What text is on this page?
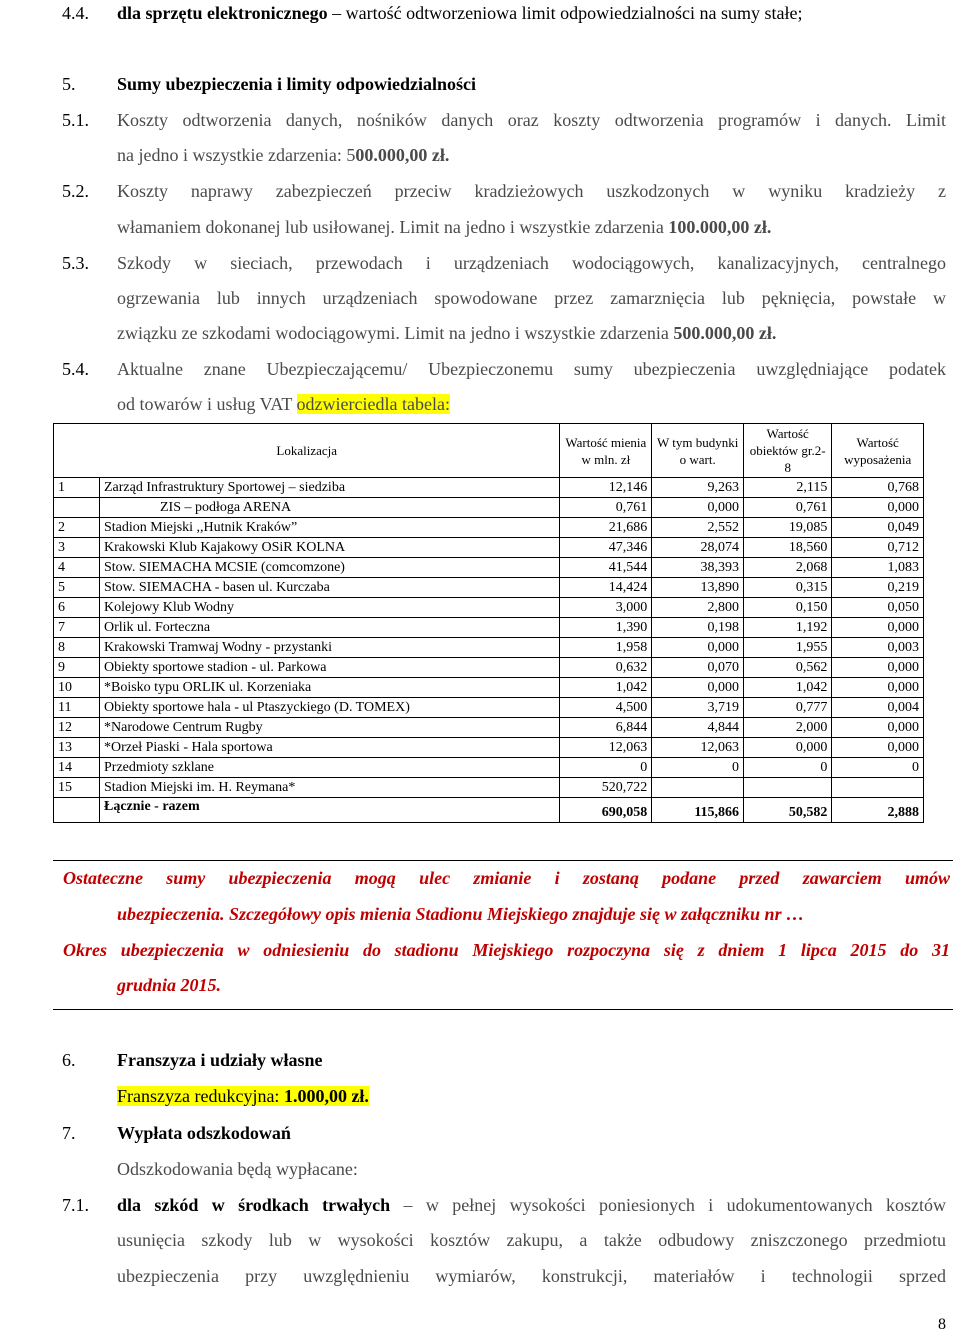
4.4. dla sprzętu elektronicznego – wartość odtworzeniowa limit odpowiedzialności na sumy stałe;
5. Sumy ubezpieczenia i limity odpowiedzialności
5.1. Koszty odtworzenia danych, nośników danych oraz koszty odtworzenia programów i danych. Limit
na jedno i wszystkie zdarzenia: 500.000,00 zł.
5.2. Koszty naprawy zabezpieczeń przeciw kradzieżowych uszkodzonych w wyniku kradzieży z
włamaniem dokonanej lub usiłowanej. Limit na jedno i wszystkie zdarzenia 100.000,00 zł.
5.3. Szkody w sieciach, przewodach i urządzeniach wodociągowych, kanalizacyjnych, centralnego
ogrzewania lub innych urządzeniach spowodowane przez zamarznięcia lub pęknięcia, powstałe w
związku ze szkodami wodociągowymi. Limit na jedno i wszystkie zdarzenia 500.000,00 zł.
5.4. Aktualne znane Ubezpieczającemu/ Ubezpieczonemu sumy ubezpieczenia uwzględniające podatek
od towarów i usług VAT odzwierciedla tabela:
Lokalizacja		Wartość mienia w mln. zł	W tym budynki o wart.	Wartość obiektów gr.2-8	Wartość wyposażenia
1	Zarząd Infrastruktury Sportowej – siedziba	12,146	9,263	2,115	0,768
	ZIS – podłoga ARENA	0,761	0,000	0,761	0,000
2	Stadion Miejski ,,Hutnik Kraków”	21,686	2,552	19,085	0,049
3	Krakowski Klub Kajakowy OSiR KOLNA	47,346	28,074	18,560	0,712
4	Stow. SIEMACHA MCSIE (comcomzone)	41,544	38,393	2,068	1,083
5	Stow. SIEMACHA - basen ul. Kurczaba	14,424	13,890	0,315	0,219
6	Kolejowy Klub Wodny	3,000	2,800	0,150	0,050
7	Orlik ul. Forteczna	1,390	0,198	1,192	0,000
8	Krakowski Tramwaj Wodny - przystanki	1,958	0,000	1,955	0,003
9	Obiekty sportowe stadion - ul. Parkowa	0,632	0,070	0,562	0,000
10	*Boisko typu ORLIK ul. Korzeniaka	1,042	0,000	1,042	0,000
11	Obiekty sportowe hala - ul Ptaszyckiego (D. TOMEX)	4,500	3,719	0,777	0,004
12	*Narodowe Centrum Rugby	6,844	4,844	2,000	0,000
13	*Orzeł Piaski - Hala sportowa	12,063	12,063	0,000	0,000
14	Przedmioty szklane	0	0	0	0
15	Stadion Miejski im. H. Reymana*	520,722			
	Łącznie - razem	690,058	115,866	50,582	2,888
Ostateczne sumy ubezpieczenia mogą ulec zmianie i zostaną podane przed zawarciem umów
ubezpieczenia. Szczegółowy opis mienia Stadionu Miejskiego znajduje się w załączniku nr …
Okres ubezpieczenia w odniesieniu do stadionu Miejskiego rozpoczyna się z dniem 1 lipca 2015 do 31
grudnia 2015.
6. Franszyza i udziały własne
Franszyza redukcyjna: 1.000,00 zł.
7. Wypłata odszkodowań
Odszkodowania będą wypłacane:
7.1. dla szkód w środkach trwałych – w pełnej wysokości poniesionych i udokumentowanych kosztów
usunięcia szkody lub w wysokości kosztów zakupu, a także odbudowy zniszczonego przedmiotu
ubezpieczenia przy uwzględnieniu wymiarów, konstrukcji, materiałów i technologii sprzed
8
